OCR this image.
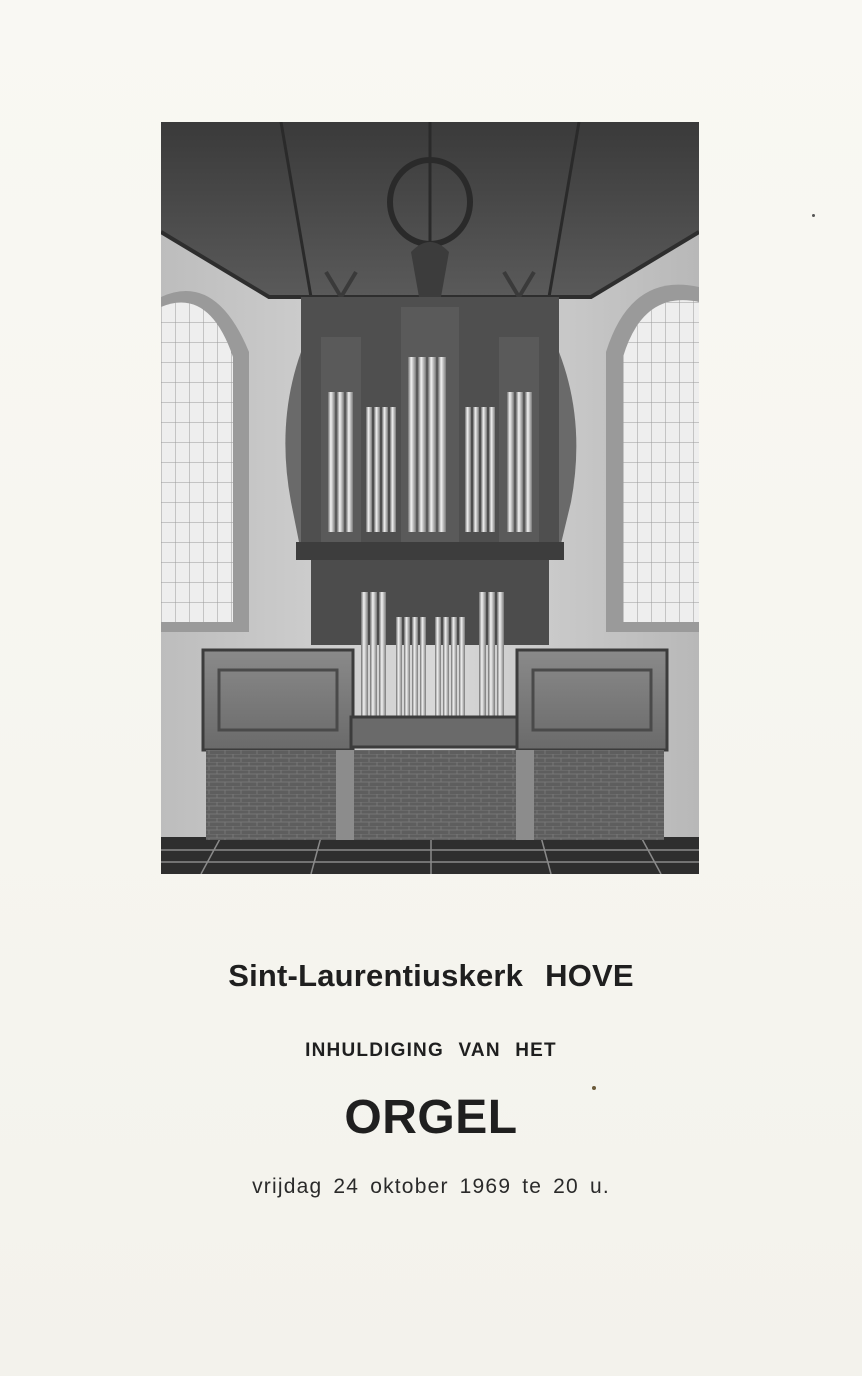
Sint-Laurentiuskerk HOVE
INHULDIGING VAN HET
ORGEL
vrijdag 24 oktober 1969 te 20 u.
